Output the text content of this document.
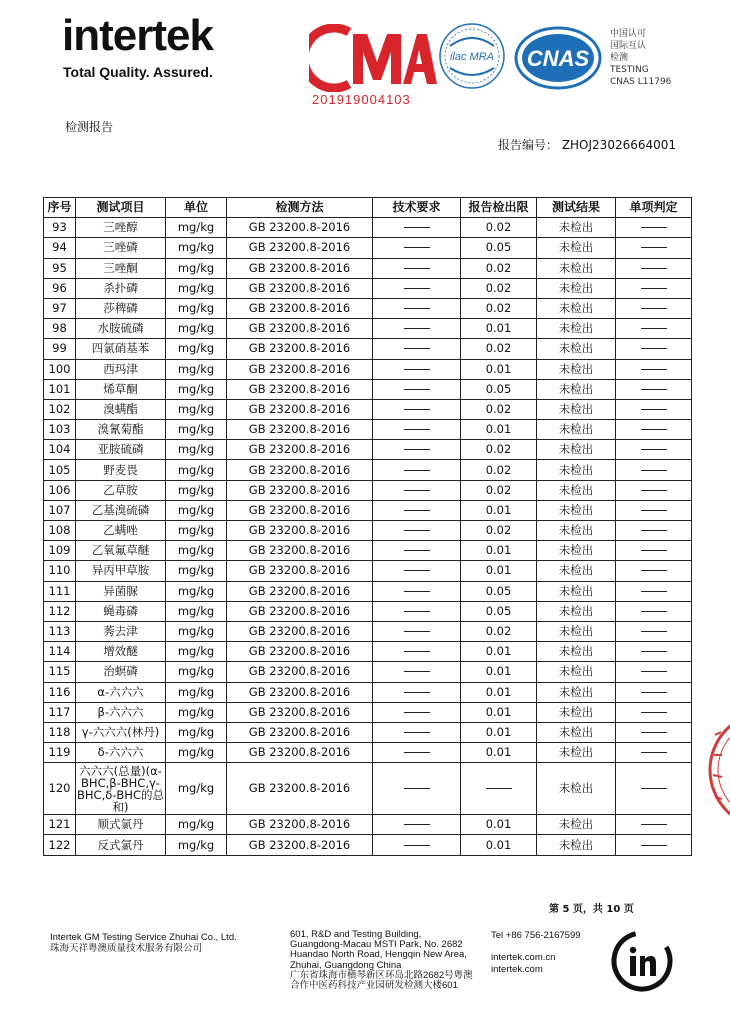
intertek
Total Quality. Assured.
201919004103
ilac MRA CNAS
中国认可
国际互认
检测
TESTING
CNAS L11796
检测报告
报告编号： ZHOJ23026664001
序号	测试项目	单位	检测方法	技术要求	报告检出限	测试结果	单项判定
93	三唑醇	mg/kg	GB 23200.8-2016		0.02	未检出	
94	三唑磷	mg/kg	GB 23200.8-2016		0.05	未检出	
95	三唑酮	mg/kg	GB 23200.8-2016		0.02	未检出	
96	杀扑磷	mg/kg	GB 23200.8-2016		0.02	未检出	
97	莎稗磷	mg/kg	GB 23200.8-2016		0.02	未检出	
98	水胺硫磷	mg/kg	GB 23200.8-2016		0.01	未检出	
99	四氯硝基苯	mg/kg	GB 23200.8-2016		0.02	未检出	
100	西玛津	mg/kg	GB 23200.8-2016		0.01	未检出	
101	烯草酮	mg/kg	GB 23200.8-2016		0.05	未检出	
102	溴螨酯	mg/kg	GB 23200.8-2016		0.02	未检出	
103	溴氰菊酯	mg/kg	GB 23200.8-2016		0.01	未检出	
104	亚胺硫磷	mg/kg	GB 23200.8-2016		0.02	未检出	
105	野麦畏	mg/kg	GB 23200.8-2016		0.02	未检出	
106	乙草胺	mg/kg	GB 23200.8-2016		0.02	未检出	
107	乙基溴硫磷	mg/kg	GB 23200.8-2016		0.01	未检出	
108	乙螨唑	mg/kg	GB 23200.8-2016		0.02	未检出	
109	乙氧氟草醚	mg/kg	GB 23200.8-2016		0.01	未检出	
110	异丙甲草胺	mg/kg	GB 23200.8-2016		0.01	未检出	
111	异菌脲	mg/kg	GB 23200.8-2016		0.05	未检出	
112	蝇毒磷	mg/kg	GB 23200.8-2016		0.05	未检出	
113	莠去津	mg/kg	GB 23200.8-2016		0.02	未检出	
114	增效醚	mg/kg	GB 23200.8-2016		0.01	未检出	
115	治螟磷	mg/kg	GB 23200.8-2016		0.01	未检出	
116	α-六六六	mg/kg	GB 23200.8-2016		0.01	未检出	
117	β-六六六	mg/kg	GB 23200.8-2016		0.01	未检出	
118	γ-六六六(林丹)	mg/kg	GB 23200.8-2016		0.01	未检出	
119	δ-六六六	mg/kg	GB 23200.8-2016		0.01	未检出	
120	六六六(总量)(α-BHC,β-BHC,γ-BHC,δ-BHC的总和)	mg/kg	GB 23200.8-2016			未检出	
121	顺式氯丹	mg/kg	GB 23200.8-2016		0.01	未检出	
122	反式氯丹	mg/kg	GB 23200.8-2016		0.01	未检出	
第 5 页，共 10 页
Intertek GM Testing Service Zhuhai Co., Ltd.
珠海天祥粤澳质量技术服务有限公司
601, R&D and Testing Building,
Guangdong-Macau MSTI Park, No. 2682
Huandao North Road, Hengqin New Area,
Zhuhai, Guangdong China
广东省珠海市横琴新区环岛北路2682号粤澳
合作中医药科技产业园研发检测大楼601
Tel +86 756-2167599
intertek.com.cn
intertek.com
